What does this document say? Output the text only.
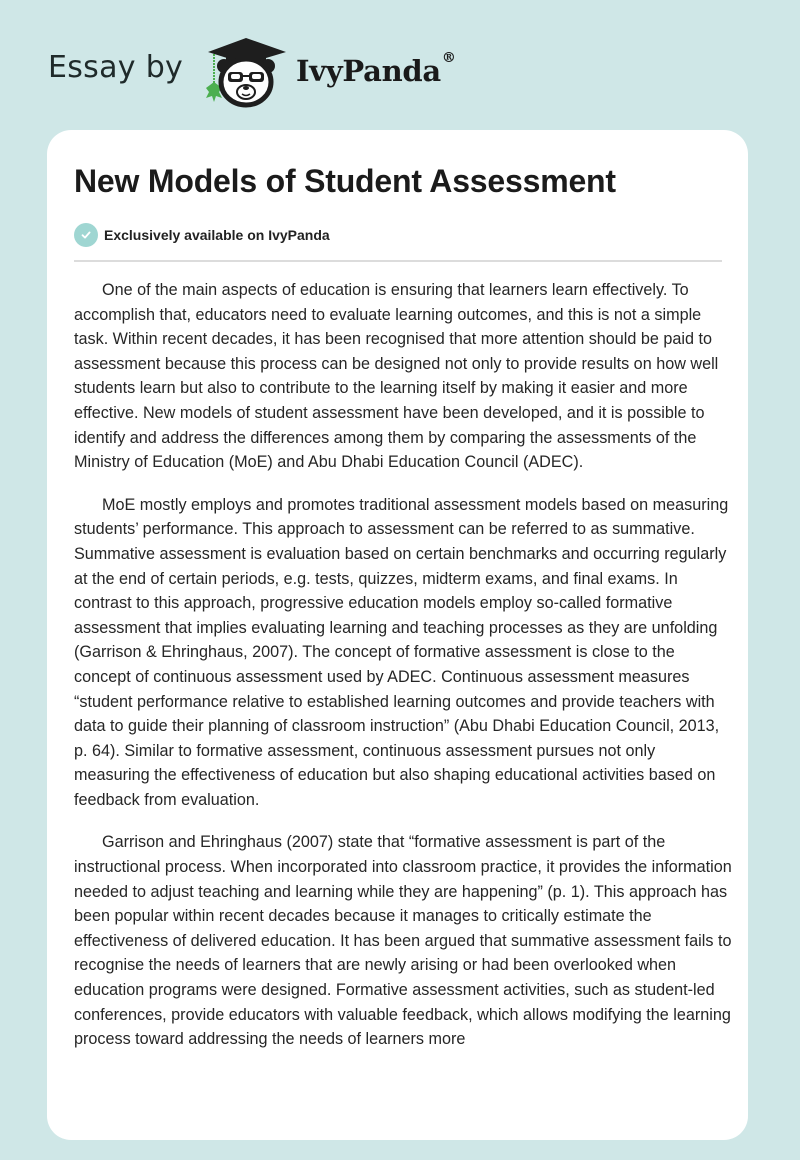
Essay by	IvyPanda®
New Models of Student Assessment
Exclusively available on IvyPanda

One of the main aspects of education is ensuring that learners learn effectively. To accomplish that, educators need to evaluate learning outcomes, and this is not a simple task. Within recent decades, it has been recognised that more attention should be paid to assessment because this process can be designed not only to provide results on how well students learn but also to contribute to the learning itself by making it easier and more effective. New models of student assessment have been developed, and it is possible to identify and address the differences among them by comparing the assessments of the Ministry of Education (MoE) and Abu Dhabi Education Council (ADEC).

MoE mostly employs and promotes traditional assessment models based on measuring students’ performance. This approach to assessment can be referred to as summative. Summative assessment is evaluation based on certain benchmarks and occurring regularly at the end of certain periods, e.g. tests, quizzes, midterm exams, and final exams. In contrast to this approach, progressive education models employ so-called formative assessment that implies evaluating learning and teaching processes as they are unfolding (Garrison & Ehringhaus, 2007). The concept of formative assessment is close to the concept of continuous assessment used by ADEC. Continuous assessment measures “student performance relative to established learning outcomes and provide teachers with data to guide their planning of classroom instruction” (Abu Dhabi Education Council, 2013, p. 64). Similar to formative assessment, continuous assessment pursues not only measuring the effectiveness of education but also shaping educational activities based on feedback from evaluation.

Garrison and Ehringhaus (2007) state that “formative assessment is part of the instructional process. When incorporated into classroom practice, it provides the information needed to adjust teaching and learning while they are happening” (p. 1). This approach has been popular within recent decades because it manages to critically estimate the effectiveness of delivered education. It has been argued that summative assessment fails to recognise the needs of learners that are newly arising or had been overlooked when education programs were designed. Formative assessment activities, such as student-led conferences, provide educators with valuable feedback, which allows modifying the learning process toward addressing the needs of learners more
